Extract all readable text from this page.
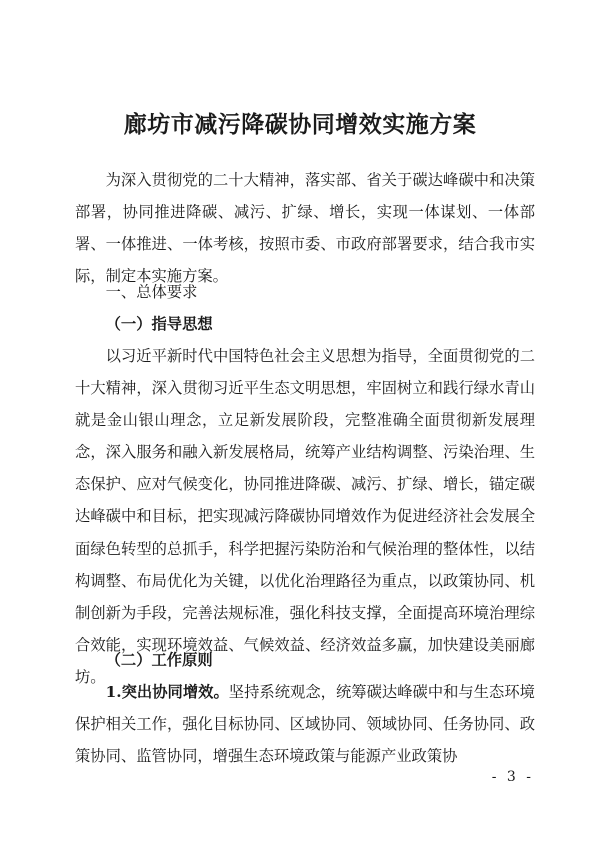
廊坊市减污降碳协同增效实施方案

为深入贯彻党的二十大精神，落实部、省关于碳达峰碳中和决策部署，协同推进降碳、减污、扩绿、增长，实现一体谋划、一体部署、一体推进、一体考核，按照市委、市政府部署要求，结合我市实际，制定本实施方案。

一、总体要求

（一）指导思想

以习近平新时代中国特色社会主义思想为指导，全面贯彻党的二十大精神，深入贯彻习近平生态文明思想，牢固树立和践行绿水青山就是金山银山理念，立足新发展阶段，完整准确全面贯彻新发展理念，深入服务和融入新发展格局，统筹产业结构调整、污染治理、生态保护、应对气候变化，协同推进降碳、减污、扩绿、增长，锚定碳达峰碳中和目标，把实现减污降碳协同增效作为促进经济社会发展全面绿色转型的总抓手，科学把握污染防治和气候治理的整体性，以结构调整、布局优化为关键，以优化治理路径为重点，以政策协同、机制创新为手段，完善法规标准，强化科技支撑，全面提高环境治理综合效能，实现环境效益、气候效益、经济效益多赢，加快建设美丽廊坊。

（二）工作原则

1.突出协同增效。坚持系统观念，统筹碳达峰碳中和与生态环境保护相关工作，强化目标协同、区域协同、领域协同、任务协同、政策协同、监管协同，增强生态环境政策与能源产业政策协

- 3 -
